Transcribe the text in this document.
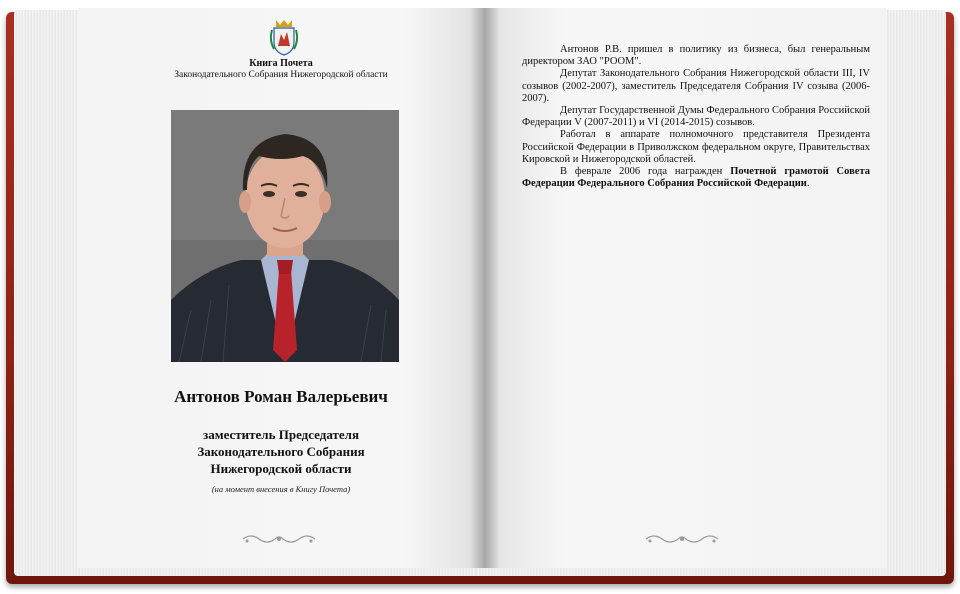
Книга Почета
Законодательного Собрания Нижегородской области
Антонов Роман Валерьевич
заместитель Председателя
Законодательного Собрания
Нижегородской области
(на момент внесения в Книгу Почета)

Антонов Р.В. пришел в политику из бизнеса, был генеральным директором ЗАО "РООМ".

Депутат Законодательного Собрания Нижегородской области III, IV созывов (2002-2007), заместитель Председателя Собрания IV созыва (2006-2007).

Депутат Государственной Думы Федерального Собрания Российской Федерации V (2007-2011) и VI (2014-2015) созывов.

Работал в аппарате полномочного представителя Президента Российской Федерации в Приволжском федеральном округе, Правительствах Кировской и Нижегородской областей.

В феврале 2006 года награжден Почетной грамотой Совета Федерации Федерального Собрания Российской Федерации.
